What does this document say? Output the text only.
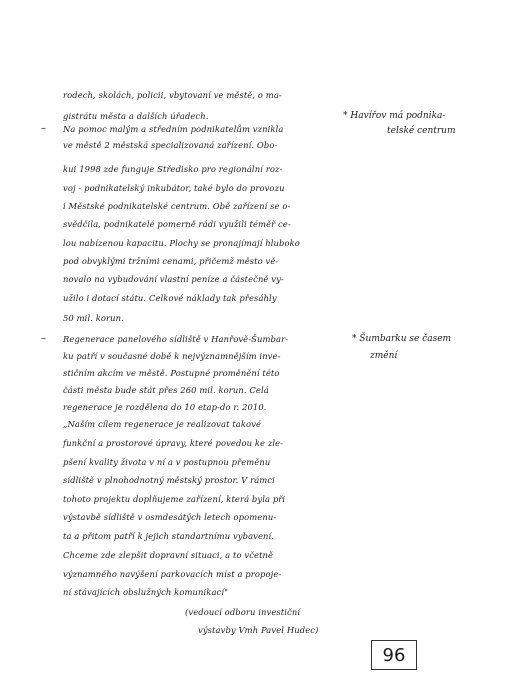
rodech, skolách, policii, vbytovaní ve městě, o ma-
gistrátu města a dalších úřadech.
– Na pomoc malým a středním podnikatelům vznikla
ve městě 2 městská specializovaná zařízení. Obo-
kui 1998 zde funguje Středisko pro regionální roz-
voj - podnikatelský inkubátor, také bylo do provozu
i Městské podnikatelské centrum. Obě zařízení se o-
svědčila, podnikatelé pomerně rádi využili téměř ce-
lou nabízenou kapacitu. Plochy se pronajímají hluboko
pod obvyklými tržními cenami, přičemž město vě-
novalo na vybudování vlastní peníze a částečně vy-
užilo i dotací státu. Celkové náklady tak přesáhly
50 mil. korun.
– Regenerace panelového sídliště v Hanřově-Šumbar-
ku patří v současné době k nejvýznamnějším inve-
stičním akcím ve městě. Postupné proměnění této
části města bude stát přes 260 mil. korun. Celá
regenerace je rozdělena do 10 etap-do r. 2010.
„Naším cílem regenerace je realizovat takové
funkční a prostorové úpravy, které povedou ke zle-
pšení kvality života v ní a v postupnou přeměnu
sídliště v plnohodnotný městský prostor. V rámci
tohoto projektu doplňujeme zařízení, která byla při
výstavbě sídliště v osmdesátých letech opomenu-
ta a přitom patří k jejich standartnímu vybavení.
Chceme zde zlepšit dopravní situaci, a to včetně
významného navýšení parkovacích míst a propoje-
ní stávajících obslužných komunikací"
(vedoucí odboru investiční
výstavby Vmh Pavel Hudec)
* Havířov má podnika-
telské centrum
* Šumbarku se časem
změní
96
